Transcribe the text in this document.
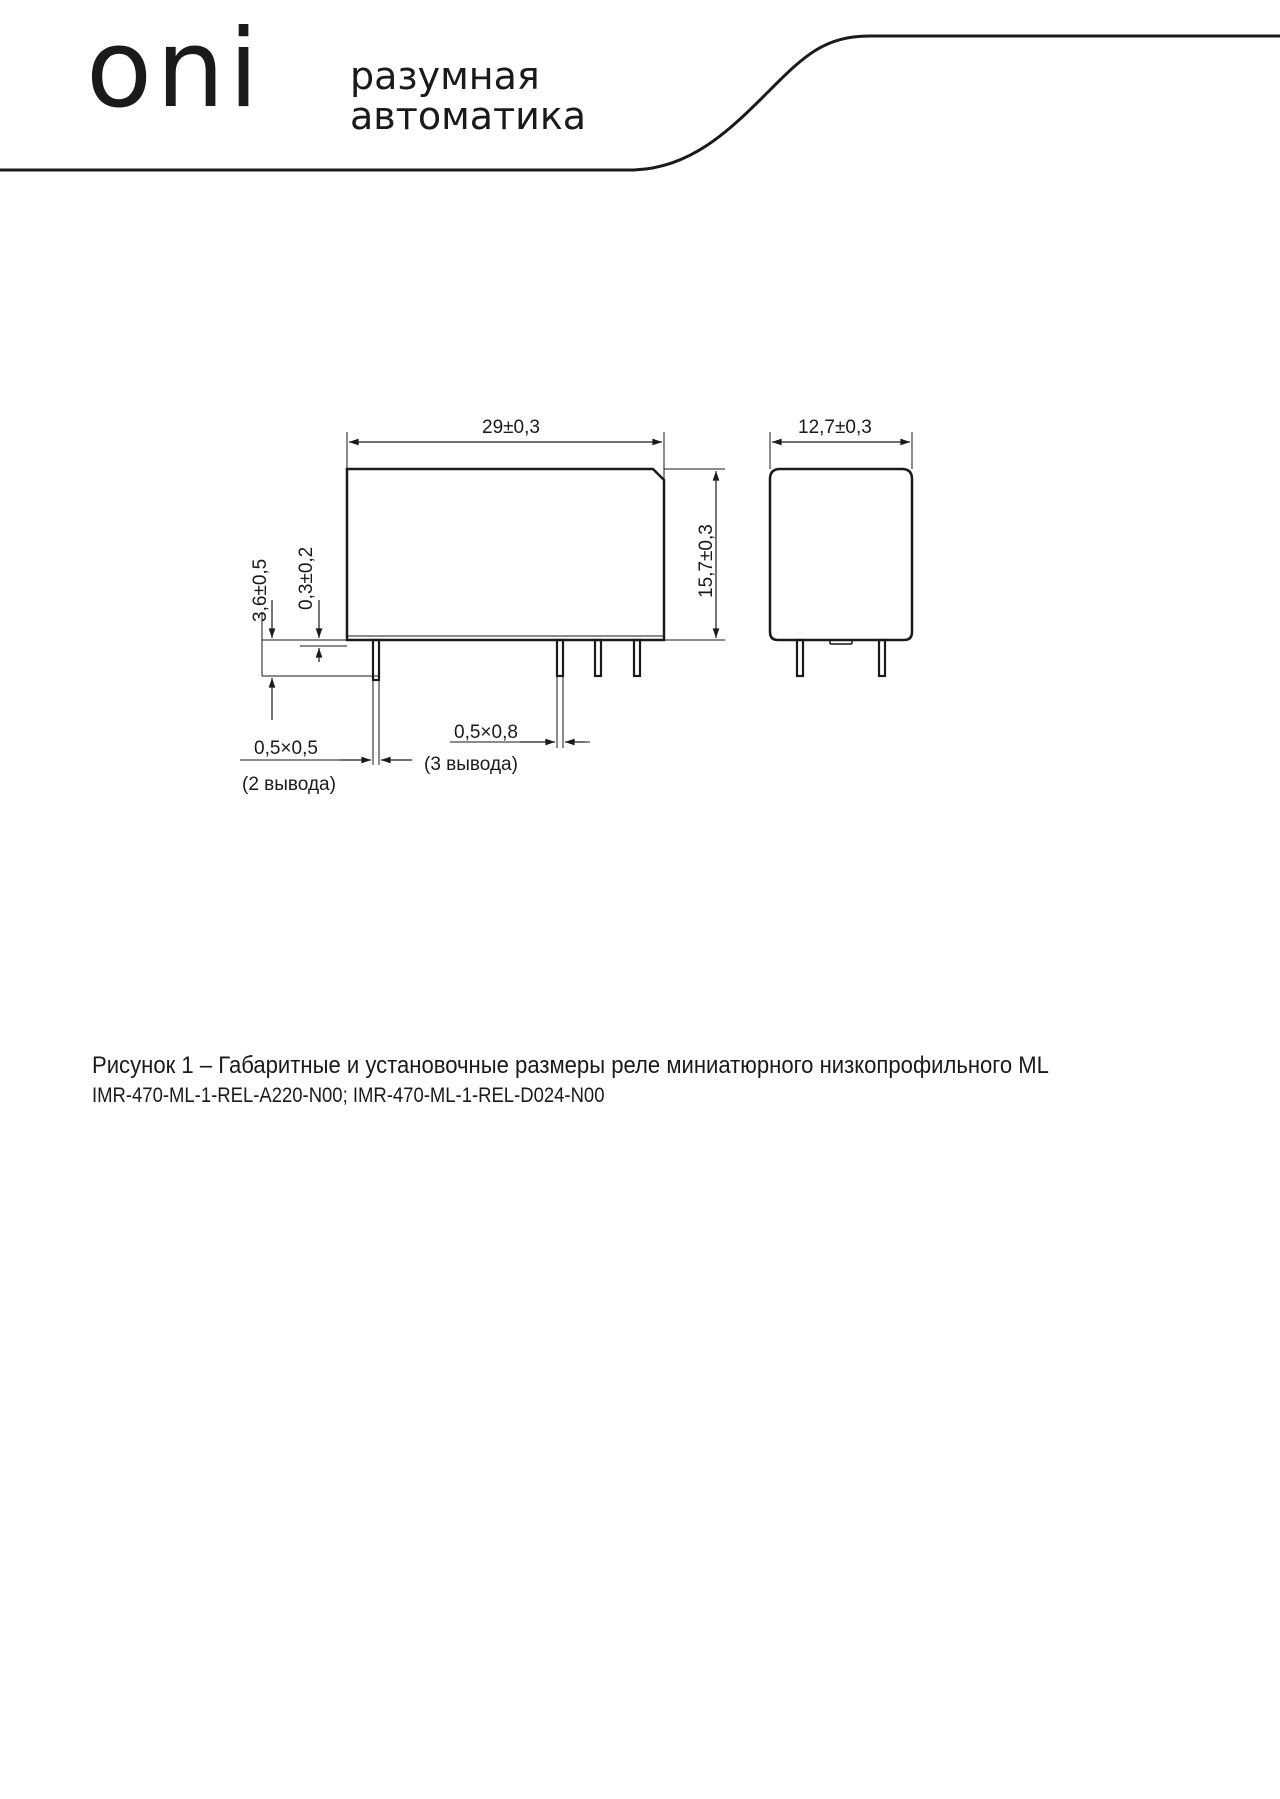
oni разумная
автоматика
29±0,3	12,7±0,3
15,7±0,3
3,6±0,5 0,3±0,2
0,5×0,5
(2 вывода)
0,5×0,8
(3 вывода)
Рисунок 1 – Габаритные и установочные размеры реле миниатюрного низкопрофильного ML
IMR-470-ML-1-REL-A220-N00; IMR-470-ML-1-REL-D024-N00
